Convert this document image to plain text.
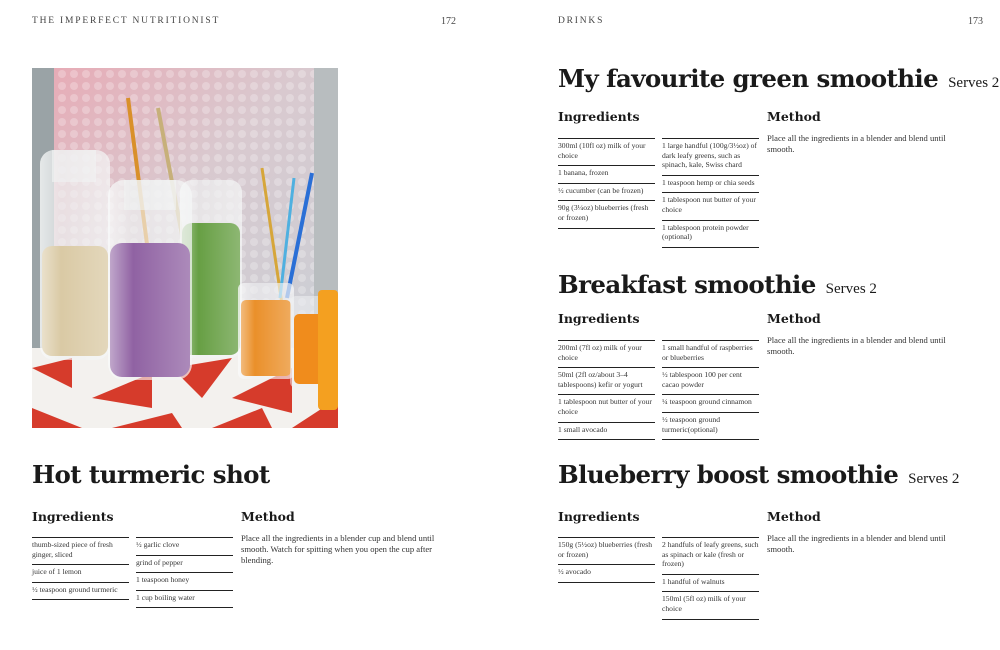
THE IMPERFECT NUTRITIONIST	172	DRINKS	173
Hot turmeric shot
Ingredients	Method
thumb-sized piece of fresh ginger, sliced
juice of 1 lemon
½ teaspoon ground turmeric
½ garlic clove
grind of pepper
1 teaspoon honey
1 cup boiling water
Place all the ingredients in a blender cup and blend until smooth. Watch for spitting when you open the cup after blending.
My favourite green smoothie Serves 2
Ingredients	Method
300ml (10fl oz) milk of your choice
1 banana, frozen
½ cucumber (can be frozen)
90g (3¼oz) blueberries (fresh or frozen)
1 large handful (100g/3½oz) of dark leafy greens, such as spinach, kale, Swiss chard
1 teaspoon hemp or chia seeds
1 tablespoon nut butter of your choice
1 tablespoon protein powder (optional)
Place all the ingredients in a blender and blend until smooth.
Breakfast smoothie Serves 2
Ingredients	Method
200ml (7fl oz) milk of your choice
50ml (2fl oz/about 3–4 tablespoons) kefir or yogurt
1 tablespoon nut butter of your choice
1 small avocado
1 small handful of raspberries or blueberries
½ tablespoon 100 per cent cacao powder
¼ teaspoon ground cinnamon
½ teaspoon ground turmeric(optional)
Place all the ingredients in a blender and blend until smooth.
Blueberry boost smoothie Serves 2
Ingredients	Method
150g (5½oz) blueberries (fresh or frozen)
½ avocado
2 handfuls of leafy greens, such as spinach or kale (fresh or frozen)
1 handful of walnuts
150ml (5fl oz) milk of your choice
Place all the ingredients in a blender and blend until smooth.
